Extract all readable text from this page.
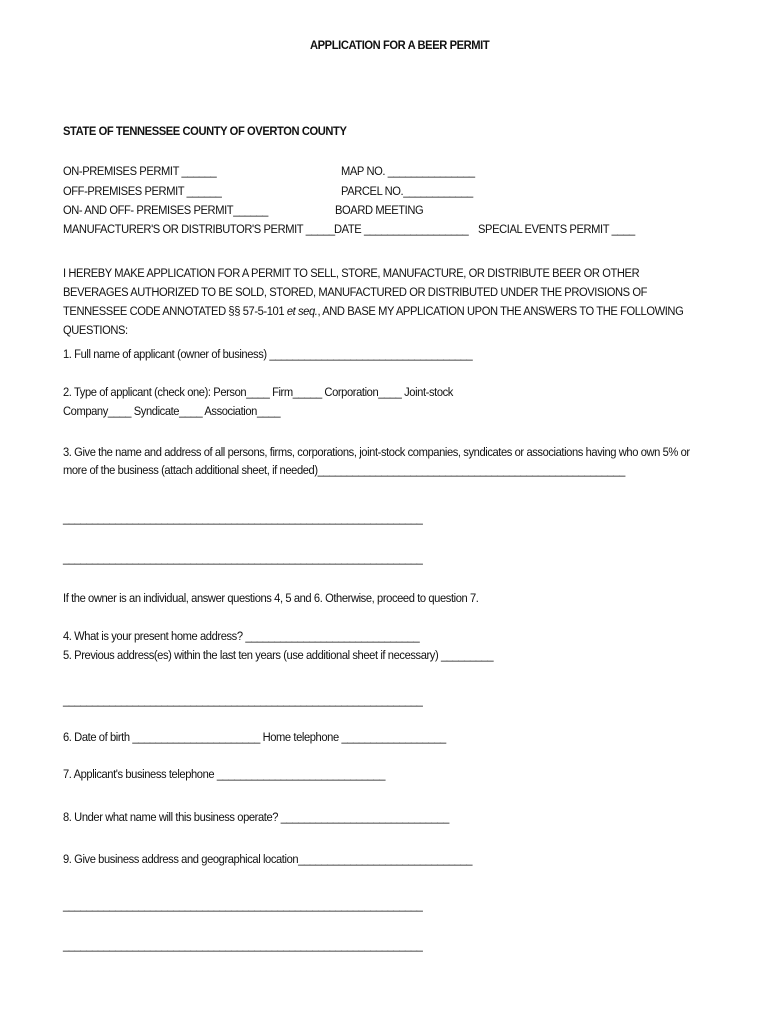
APPLICATION FOR A BEER PERMIT
STATE OF TENNESSEE COUNTY OF OVERTON COUNTY
ON-PREMISES PERMIT ______
OFF-PREMISES PERMIT ______
ON- AND OFF- PREMISES PERMIT______
MANUFACTURER'S OR DISTRIBUTOR'S PERMIT _____
MAP NO. _______________
PARCEL NO.____________
BOARD MEETING
DATE __________________ SPECIAL EVENTS PERMIT ____
I HEREBY MAKE APPLICATION FOR A PERMIT TO SELL, STORE, MANUFACTURE, OR DISTRIBUTE BEER OR OTHER BEVERAGES AUTHORIZED TO BE SOLD, STORED, MANUFACTURED OR DISTRIBUTED UNDER THE PROVISIONS OF TENNESSEE CODE ANNOTATED §§ 57-5-101 et seq., AND BASE MY APPLICATION UPON THE ANSWERS TO THE FOLLOWING QUESTIONS:
1. Full name of applicant (owner of business) ___________________________________
2. Type of applicant (check one): Person____ Firm_____ Corporation____ Joint-stock
Company____ Syndicate____ Association____
3. Give the name and address of all persons, firms, corporations, joint-stock companies, syndicates or associations having who own 5% or more of the business (attach additional sheet, if needed)_____________________________________________________
______________________________________________________________
______________________________________________________________
If the owner is an individual, answer questions 4, 5 and 6. Otherwise, proceed to question 7.
4. What is your present home address? ______________________________
5. Previous address(es) within the last ten years (use additional sheet if necessary) _________
______________________________________________________________
6. Date of birth ______________________ Home telephone __________________
7. Applicant's business telephone _____________________________
8. Under what name will this business operate? _____________________________
9. Give business address and geographical location______________________________
______________________________________________________________
______________________________________________________________
